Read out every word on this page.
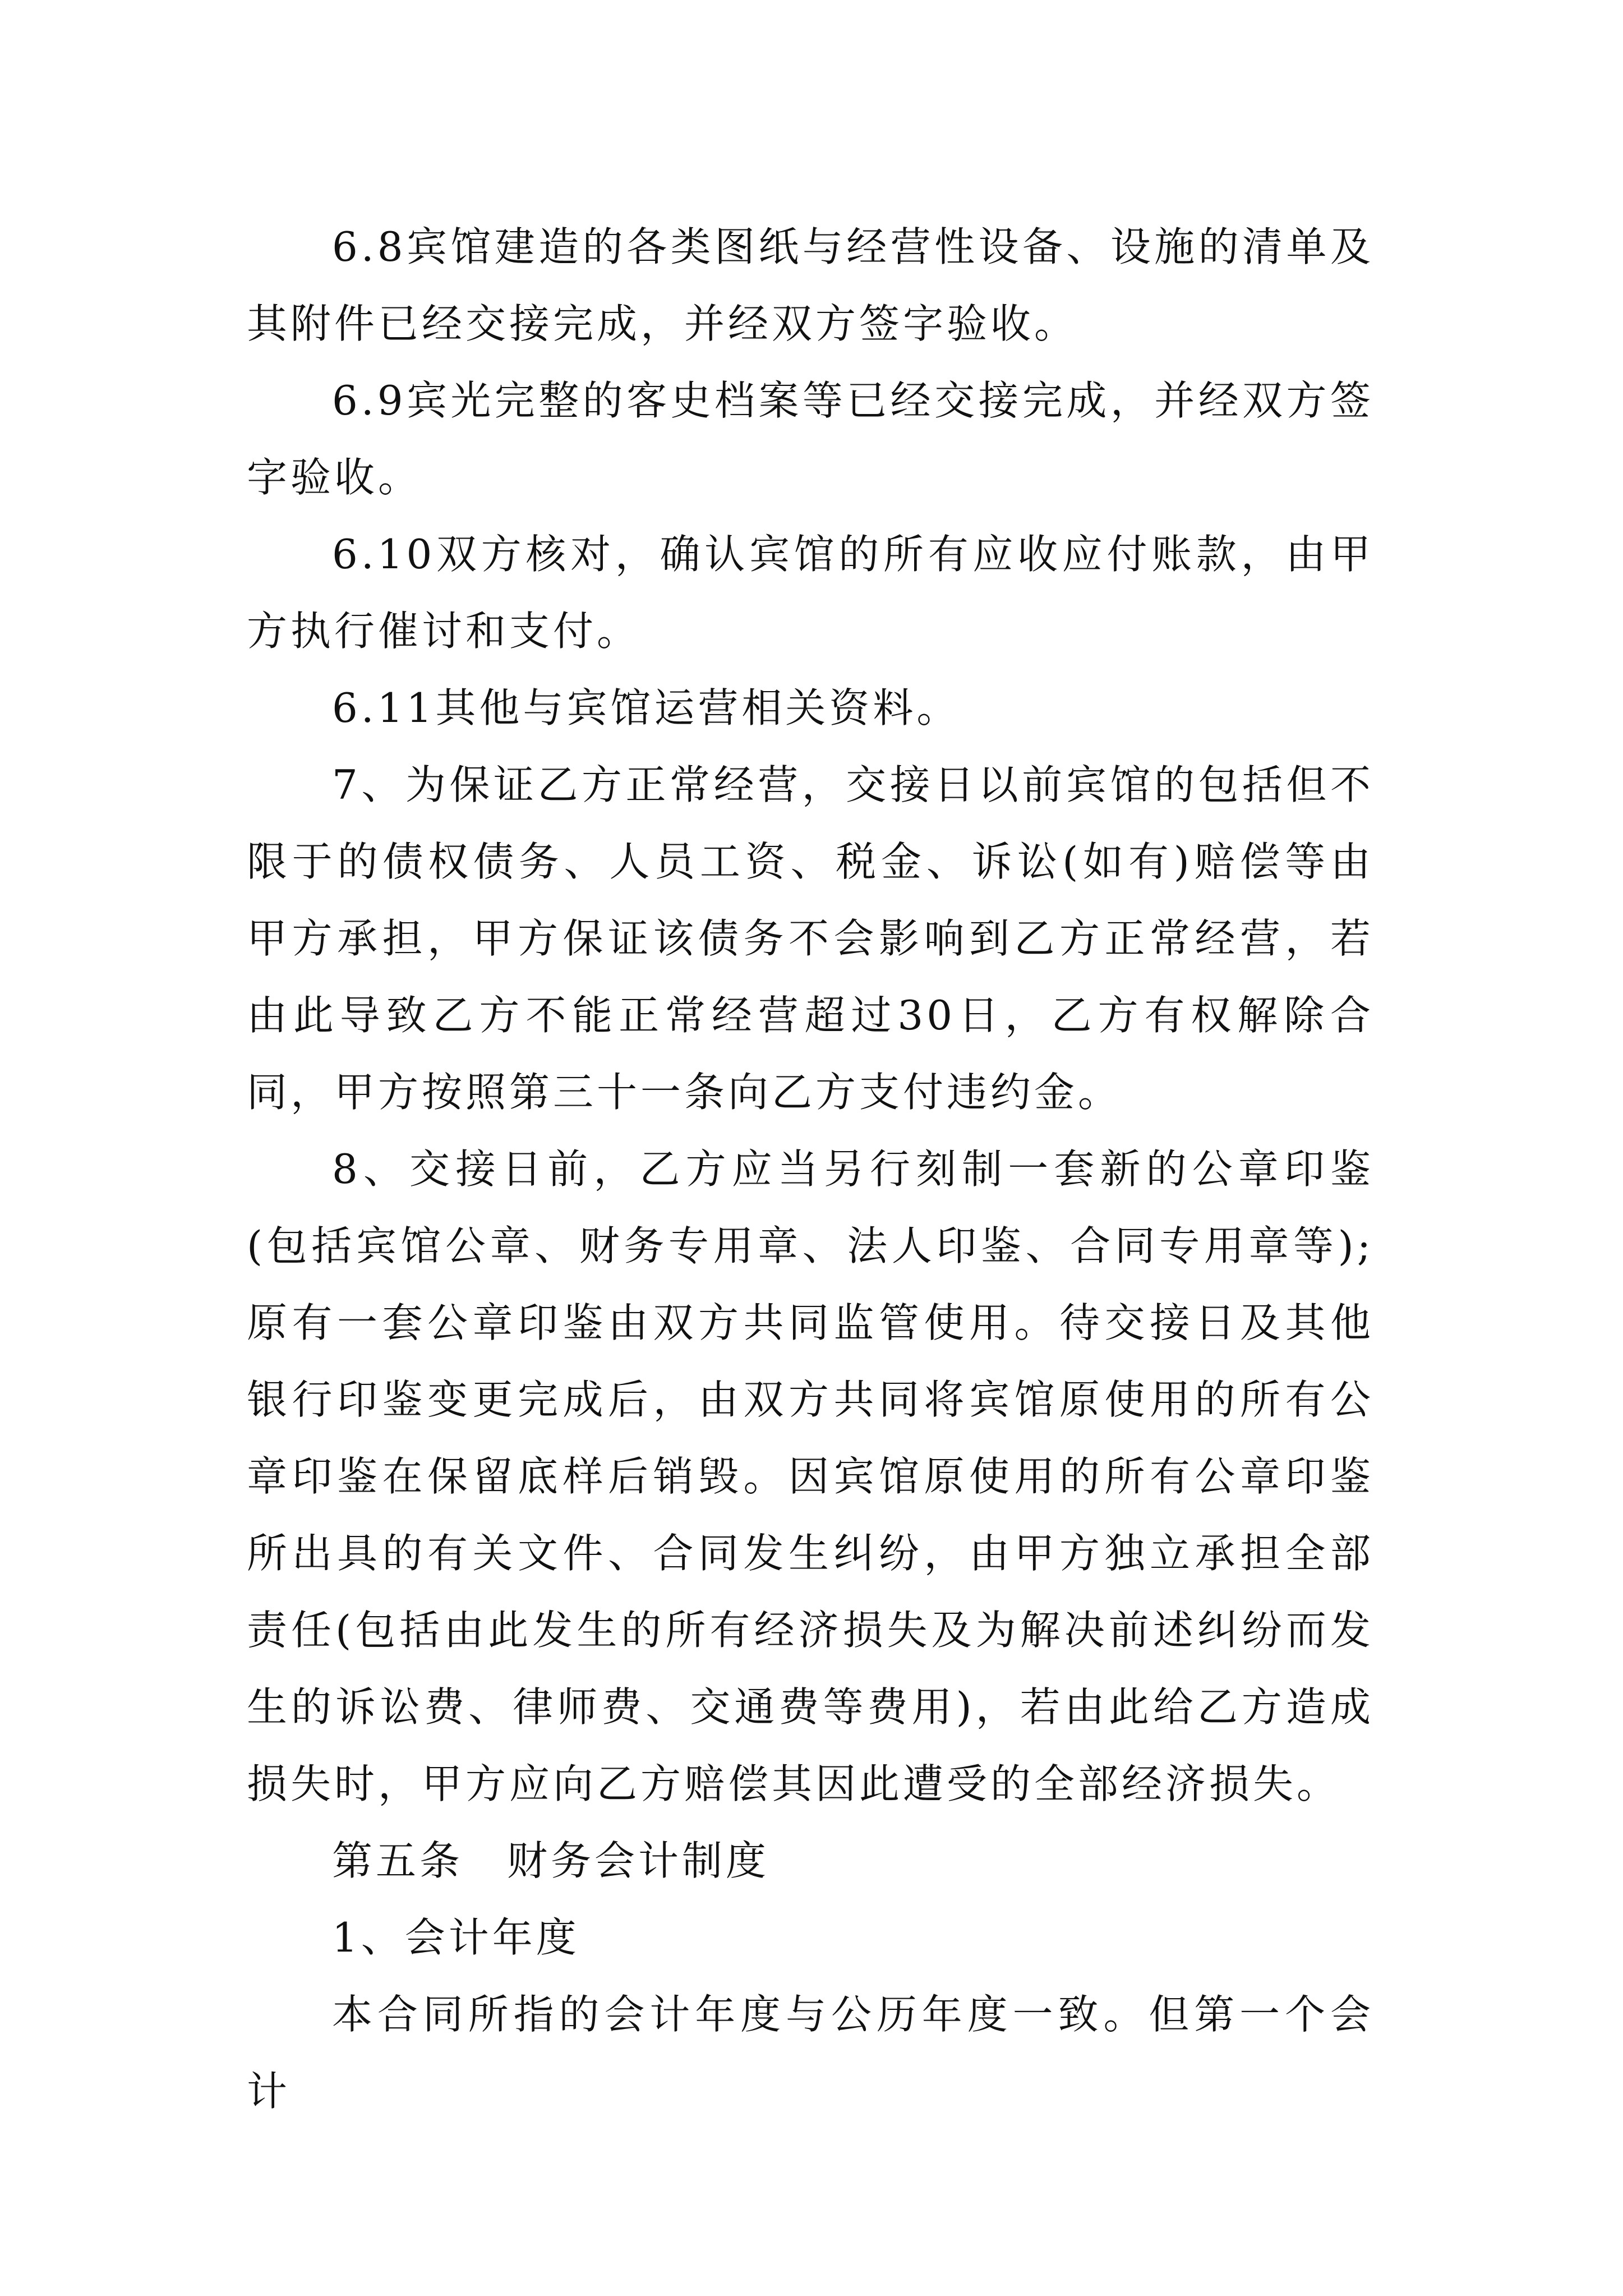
6.8宾馆建造的各类图纸与经营性设备、设施的清单及其附件已经交接完成，并经双方签字验收。

6.9宾光完整的客史档案等已经交接完成，并经双方签字验收。

6.10双方核对，确认宾馆的所有应收应付账款，由甲方执行催讨和支付。

6.11其他与宾馆运营相关资料。

7、为保证乙方正常经营，交接日以前宾馆的包括但不限于的债权债务、人员工资、税金、诉讼(如有)赔偿等由甲方承担，甲方保证该债务不会影响到乙方正常经营，若由此导致乙方不能正常经营超过30日，乙方有权解除合同，甲方按照第三十一条向乙方支付违约金。

8、交接日前，乙方应当另行刻制一套新的公章印鉴(包括宾馆公章、财务专用章、法人印鉴、合同专用章等);原有一套公章印鉴由双方共同监管使用。待交接日及其他银行印鉴变更完成后，由双方共同将宾馆原使用的所有公章印鉴在保留底样后销毁。因宾馆原使用的所有公章印鉴所出具的有关文件、合同发生纠纷，由甲方独立承担全部责任(包括由此发生的所有经济损失及为解决前述纠纷而发生的诉讼费、律师费、交通费等费用)，若由此给乙方造成损失时，甲方应向乙方赔偿其因此遭受的全部经济损失。

第五条　财务会计制度

1、会计年度

本合同所指的会计年度与公历年度一致。但第一个会计
